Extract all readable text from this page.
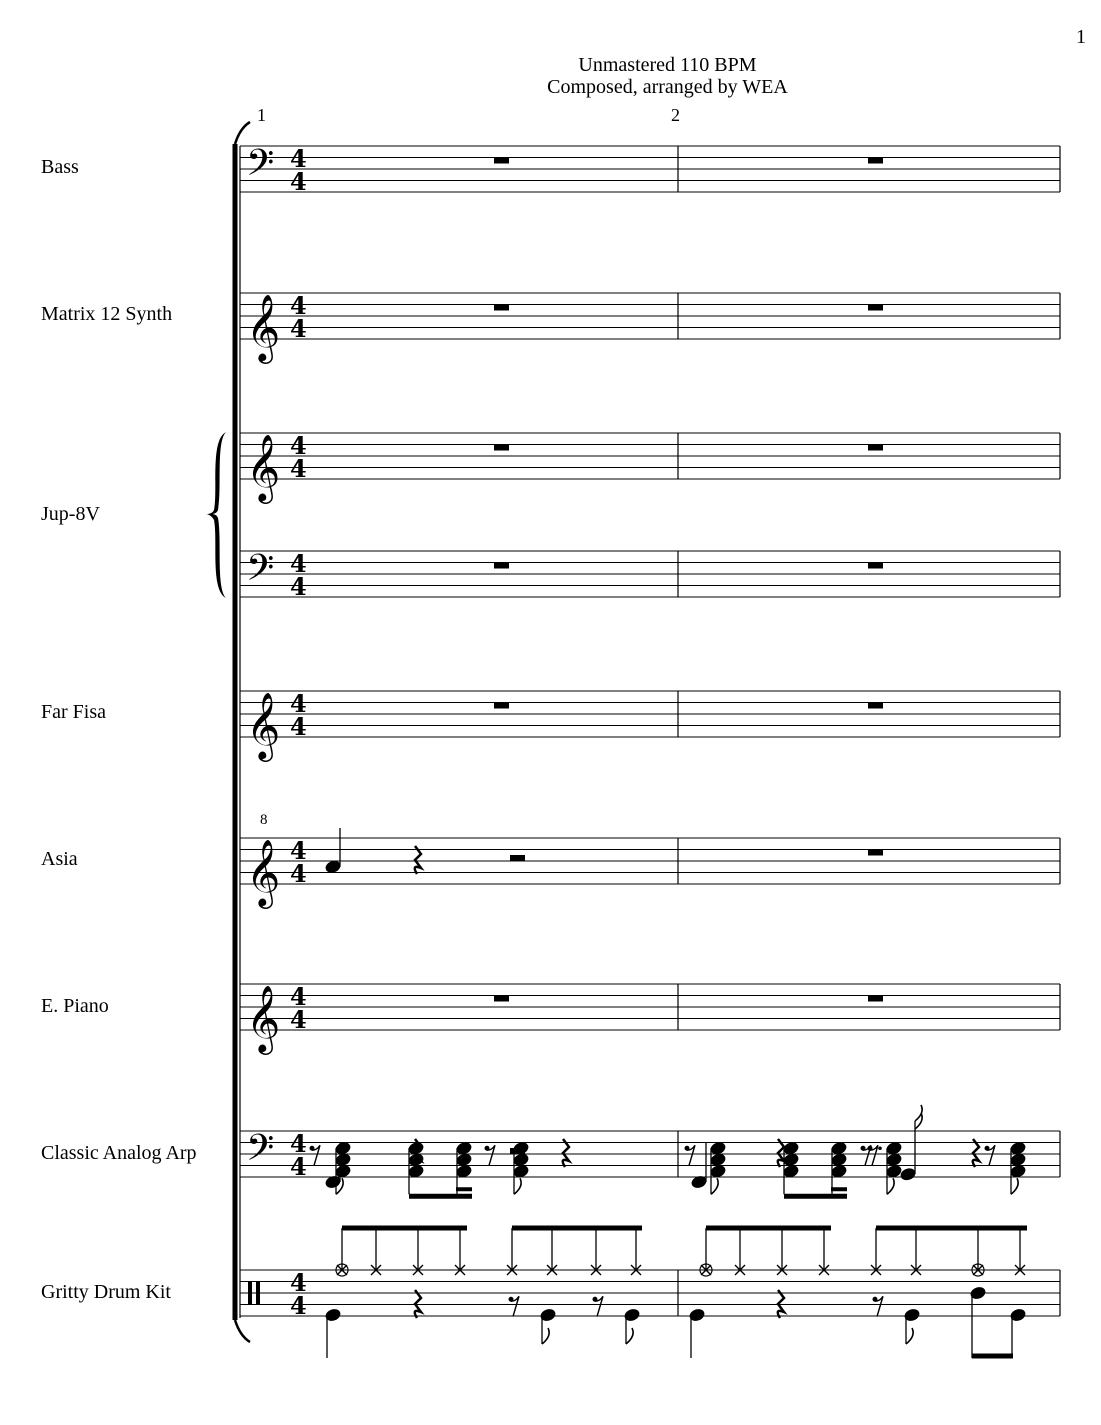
1
Unmastered 110 BPM
Composed, arranged by WEA
1	2
Bass
Matrix 12 Synth
Jup-8V
Far Fisa
Asia
E. Piano
Classic Analog Arp
Gritty Drum Kit
𝄢 4
4
𝄞 4
4
𝄞 4
4
𝄢 4
4
𝄞 4
4
𝄞
8
4
4
𝄞 4
4
𝄢 4
4
4
4
